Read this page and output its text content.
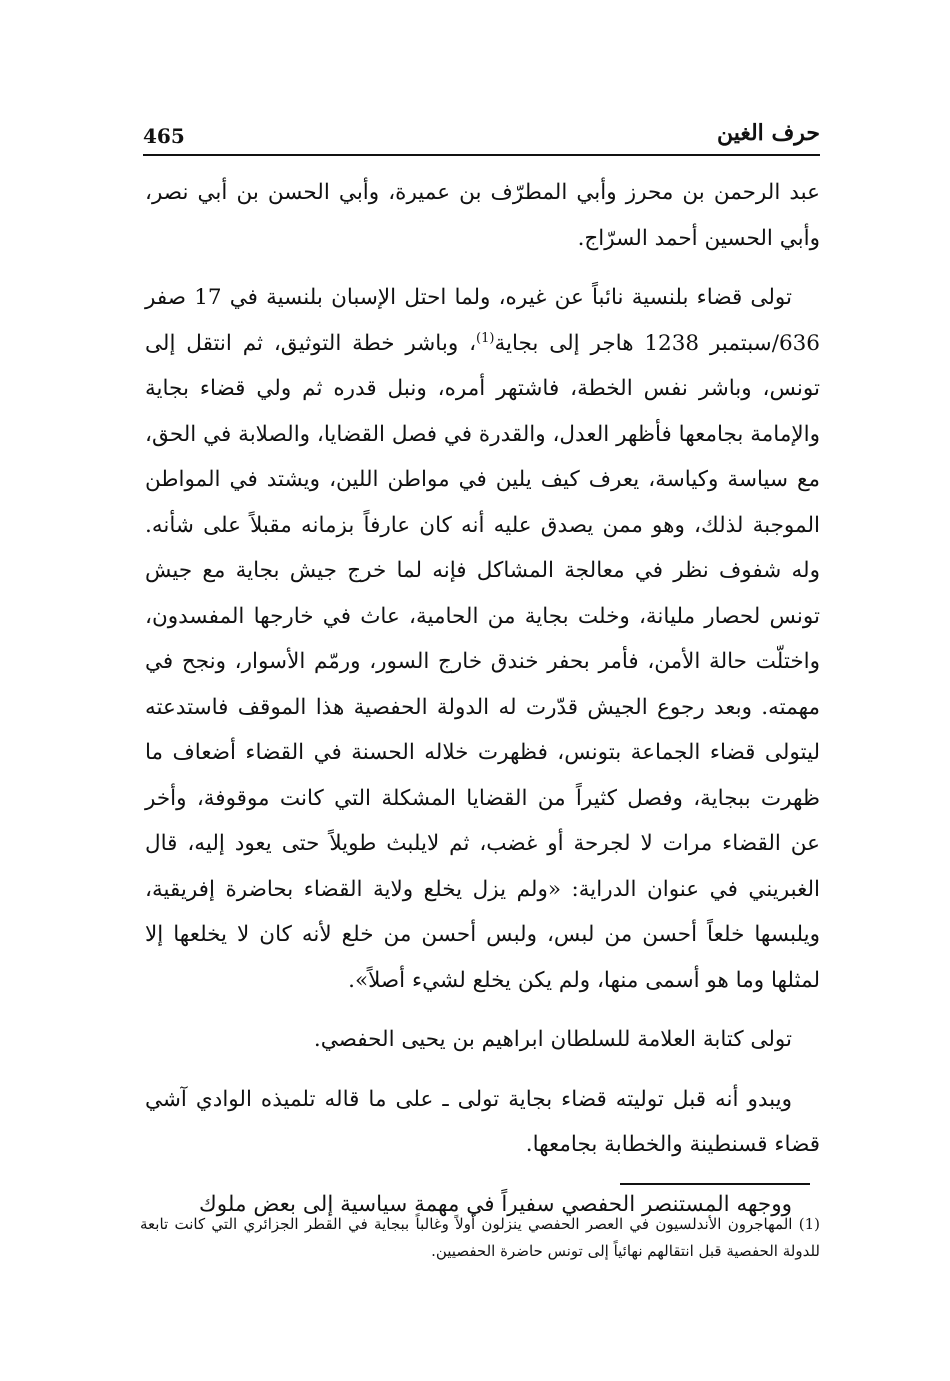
465	حرف الغين

عبد الرحمن بن محرز وأبي المطرّف بن عميرة، وأبي الحسن بن أبي نصر، وأبي الحسين أحمد السرّاج.

تولى قضاء بلنسية نائباً عن غيره، ولما احتل الإسبان بلنسية في 17 صفر 636/سبتمبر 1238 هاجر إلى بجاية$^{(1)}$، وباشر خطة التوثيق، ثم انتقل إلى تونس، وباشر نفس الخطة، فاشتهر أمره، ونبل قدره ثم ولي قضاء بجاية والإمامة بجامعها فأظهر العدل، والقدرة في فصل القضايا، والصلابة في الحق، مع سياسة وكياسة، يعرف كيف يلين في مواطن اللين، ويشتد في المواطن الموجبة لذلك، وهو ممن يصدق عليه أنه كان عارفاً بزمانه مقبلاً على شأنه. وله شفوف نظر في معالجة المشاكل فإنه لما خرج جيش بجاية مع جيش تونس لحصار مليانة، وخلت بجاية من الحامية، عاث في خارجها المفسدون، واختلّت حالة الأمن، فأمر بحفر خندق خارج السور، ورمّم الأسوار، ونجح في مهمته. وبعد رجوع الجيش قدّرت له الدولة الحفصية هذا الموقف فاستدعته ليتولى قضاء الجماعة بتونس، فظهرت خلاله الحسنة في القضاء أضعاف ما ظهرت ببجاية، وفصل كثيراً من القضايا المشكلة التي كانت موقوفة، وأخر عن القضاء مرات لا لجرحة أو غضب، ثم لايلبث طويلاً حتى يعود إليه، قال الغبريني في عنوان الدراية: «ولم يزل يخلع ولاية القضاء بحاضرة إفريقية، ويلبسها خلعاً أحسن من لبس، ولبس أحسن من خلع لأنه كان لا يخلعها إلا لمثلها وما هو أسمى منها، ولم يكن يخلع لشيء أصلاً».

تولى كتابة العلامة للسلطان ابراهيم بن يحيى الحفصي.

ويبدو أنه قبل توليته قضاء بجاية تولى ـ على ما قاله تلميذه الوادي آشي قضاء قسنطينة والخطابة بجامعها.

ووجهه المستنصر الحفصي سفيراً في مهمة سياسية إلى بعض ملوك

(1) المهاجرون الأندلسيون في العصر الحفصي ينزلون أولاً وغالباً ببجاية في القطر الجزائري التي كانت تابعة للدولة الحفصية قبل انتقالهم نهائياً إلى تونس حاضرة الحفصيين.
